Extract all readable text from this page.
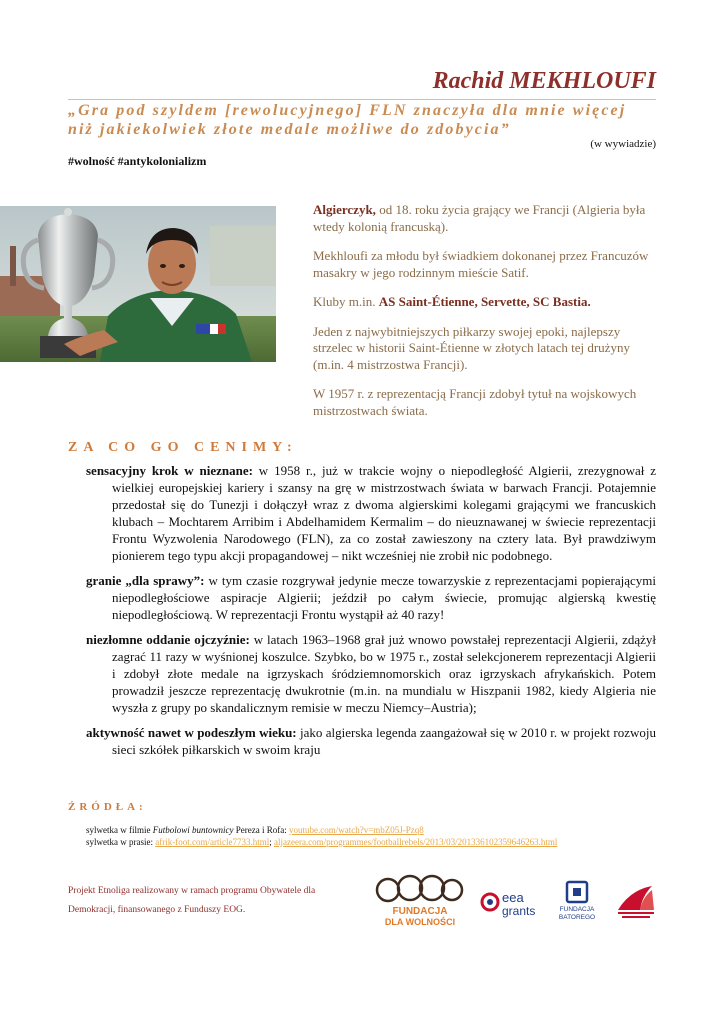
Rachid MEKHLOUFI
„Gra pod szyldem [rewolucyjnego] FLN znaczyła dla mnie więcej
niż jakiekolwiek złote medale możliwe do zdobycia”
(w wywiadzie)
#wolność #antykolonializm

Algierczyk, od 18. roku życia grający we Francji (Algieria była wtedy kolonią francuską).

Mekhloufi za młodu był świadkiem dokonanej przez Francuzów masakry w jego rodzinnym mieście Satif.

Kluby m.in. AS Saint-Étienne, Servette, SC Bastia.

Jeden z najwybitniejszych piłkarzy swojej epoki, najlepszy strzelec w historii Saint-Étienne w złotych latach tej drużyny (m.in. 4 mistrzostwa Francji).

W 1957 r. z reprezentacją Francji zdobył tytuł na wojskowych mistrzostwach świata.

ZA CO GO CENIMY:
sensacyjny krok w nieznane: w 1958 r., już w trakcie wojny o niepodległość Algierii, zrezygnował z wielkiej europejskiej kariery i szansy na grę w mistrzostwach świata w barwach Francji. Potajemnie przedostał się do Tunezji i dołączył wraz z dwoma algierskimi kolegami grającymi we francuskich klubach – Mochtarem Arribim i Abdelhamidem Kermalim – do nieuznawanej w świecie reprezentacji Frontu Wyzwolenia Narodowego (FLN), za co został zawieszony na cztery lata. Był prawdziwym pionierem tego typu akcji propagandowej – nikt wcześniej nie zrobił nic podobnego.
granie „dla sprawy”: w tym czasie rozgrywał jedynie mecze towarzyskie z reprezentacjami popierającymi niepodległościowe aspiracje Algierii; jeździł po całym świecie, promując algierską kwestię niepodległościową. W reprezentacji Frontu wystąpił aż 40 razy!
niezłomne oddanie ojczyźnie: w latach 1963–1968 grał już wnowo powstałej reprezentacji Algierii, zdążył zagrać 11 razy w wyśnionej koszulce. Szybko, bo w 1975 r., został selekcjonerem reprezentacji Algierii i zdobył złote medale na igrzyskach śródziemnomorskich oraz igrzyskach afrykańskich. Potem prowadził jeszcze reprezentację dwukrotnie (m.in. na mundialu w Hiszpanii 1982, kiedy Algieria nie wyszła z grupy po skandalicznym remisie w meczu Niemcy–Austria);
aktywność nawet w podeszłym wieku: jako algierska legenda zaangażował się w 2010 r. w projekt rozwoju sieci szkółek piłkarskich w swoim kraju
ŹRÓDŁA:
sylwetka w filmie Futbolowi buntownicy Pereza i Rofa: youtube.com/watch?v=mbZ05J-Pzq8
sylwetka w prasie: afrik-foot.com/article7733.html; aljazeera.com/programmes/footballrebels/2013/03/2013361023596462​63.html
Projekt Etnoliga realizowany w ramach programu Obywatele dla Demokracji, finansowanego z Funduszy EOG.	FUNDACJA
DLA WOLNOŚCI
eea
grants	FUNDACJA
BATOREGO
